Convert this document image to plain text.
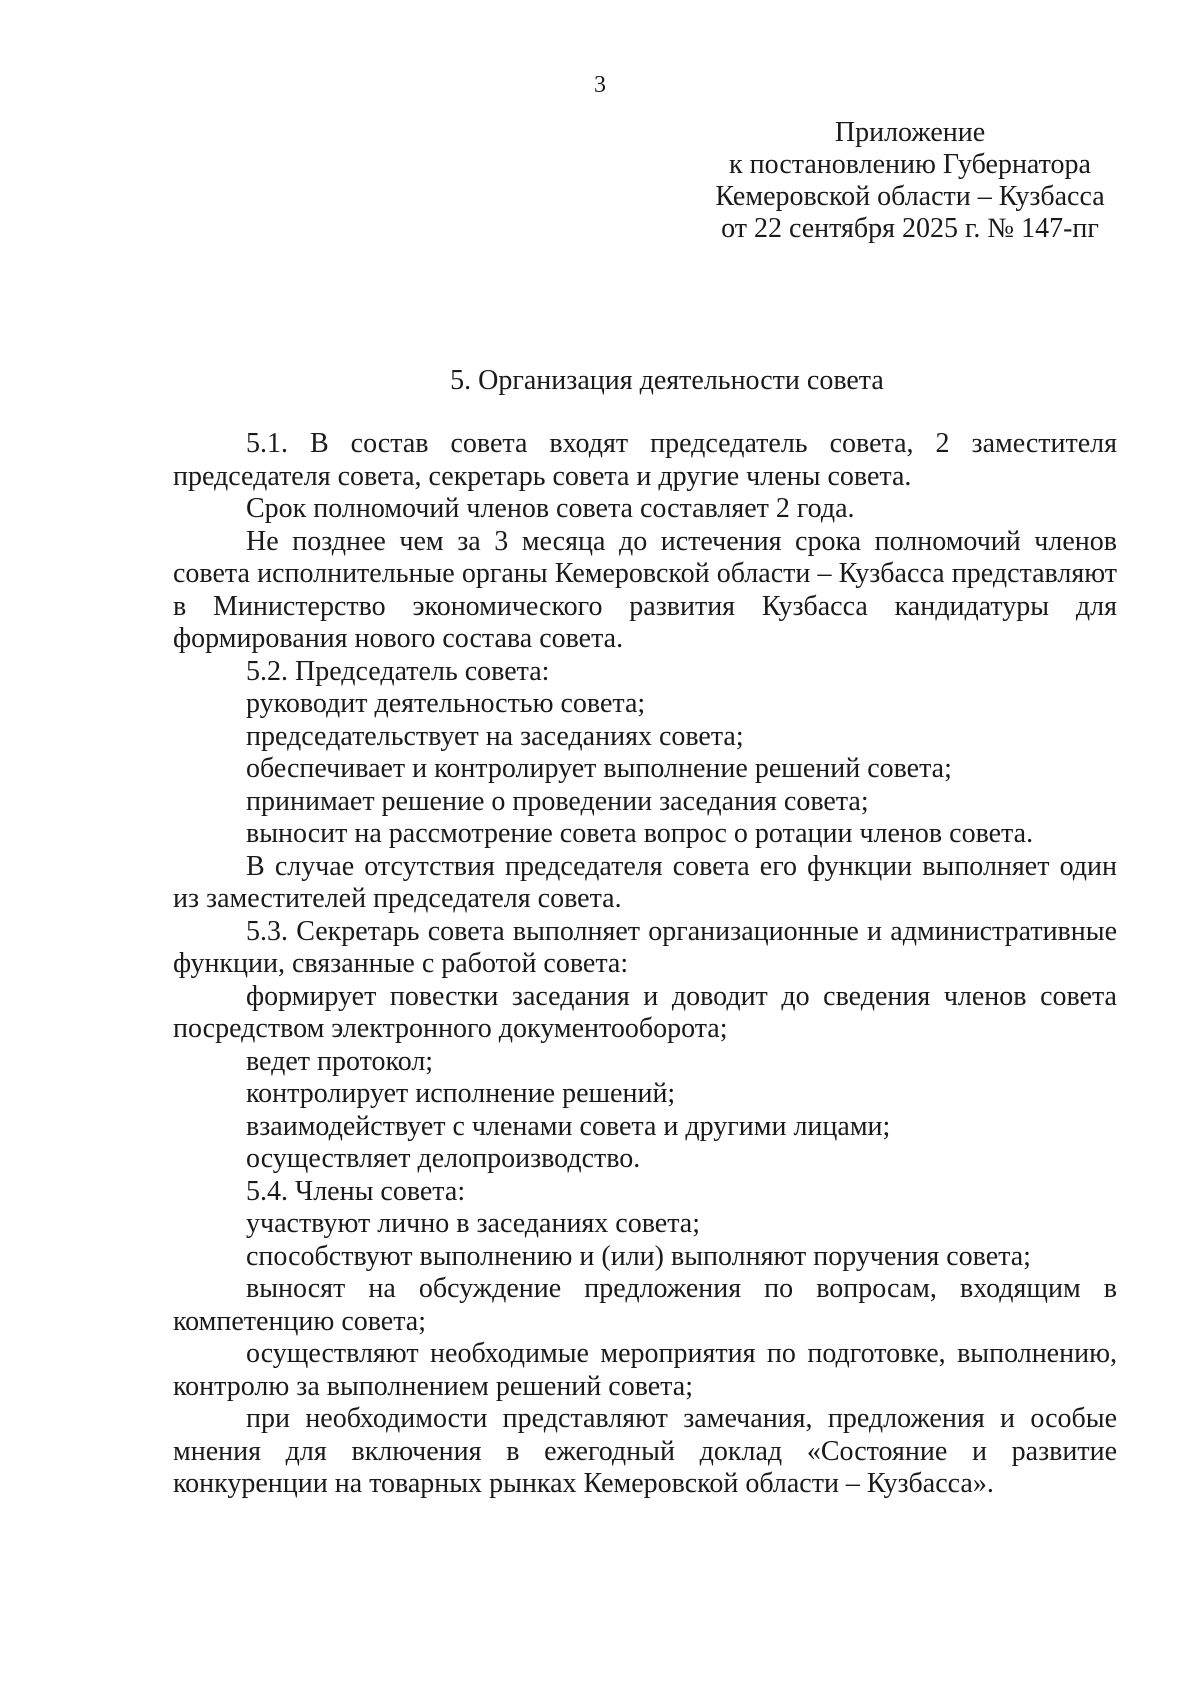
3
Приложение
к постановлению Губернатора
Кемеровской области – Кузбасса
от 22 сентября 2025 г. № 147-пг
5. Организация деятельности совета

5.1. В состав совета входят председатель совета, 2 заместителя председателя совета, секретарь совета и другие члены совета.

Срок полномочий членов совета составляет 2 года.

Не позднее чем за 3 месяца до истечения срока полномочий членов совета исполнительные органы Кемеровской области – Кузбасса представляют в Министерство экономического развития Кузбасса кандидатуры для формирования нового состава совета.

5.2. Председатель совета:

руководит деятельностью совета;

председательствует на заседаниях совета;

обеспечивает и контролирует выполнение решений совета;

принимает решение о проведении заседания совета;

выносит на рассмотрение совета вопрос о ротации членов совета.

В случае отсутствия председателя совета его функции выполняет один из заместителей председателя совета.

5.3. Секретарь совета выполняет организационные и административные функции, связанные с работой совета:

формирует повестки заседания и доводит до сведения членов совета посредством электронного документооборота;

ведет протокол;

контролирует исполнение решений;

взаимодействует с членами совета и другими лицами;

осуществляет делопроизводство.

5.4. Члены совета:

участвуют лично в заседаниях совета;

способствуют выполнению и (или) выполняют поручения совета;

выносят на обсуждение предложения по вопросам, входящим в компетенцию совета;

осуществляют необходимые мероприятия по подготовке, выполнению, контролю за выполнением решений совета;

при необходимости представляют замечания, предложения и особые мнения для включения в ежегодный доклад «Состояние и развитие конкуренции на товарных рынках Кемеровской области – Кузбасса».
